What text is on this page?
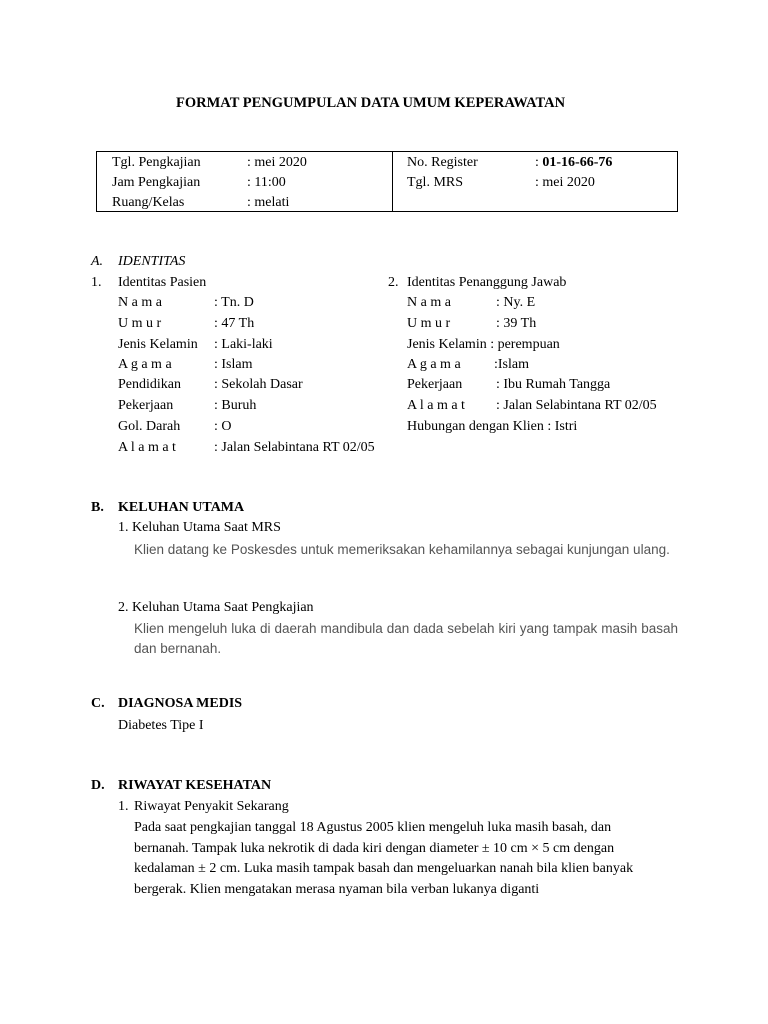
FORMAT PENGUMPULAN DATA UMUM KEPERAWATAN
Tgl. Pengkajian	: mei 2020
Jam Pengkajian	: 11:00
Ruang/Kelas	: melati
No. Register	: 01-16-66-76
Tgl. MRS	: mei 2020
A. IDENTITAS
1. Identitas Pasien
N a m a	: Tn. D
U m u r	: 47 Th
Jenis Kelamin : Laki-laki
A g a m a	: Islam
Pendidikan : Sekolah Dasar
Pekerjaan	: Buruh
Gol. Darah : O
A l a m a t	: Jalan Selabintana RT 02/05
2. Identitas Penanggung Jawab
N a m a	: Ny. E
U m u r	: 39 Th
Jenis Kelamin : perempuan
A g a m a :Islam
Pekerjaan : Ibu Rumah Tangga
A l a m a t : Jalan Selabintana RT 02/05
Hubungan dengan Klien : Istri
B. KELUHAN UTAMA
1. Keluhan Utama Saat MRS
Klien datang ke Poskesdes untuk memeriksakan kehamilannya sebagai kunjungan ulang.
2. Keluhan Utama Saat Pengkajian
Klien mengeluh luka di daerah mandibula dan dada sebelah kiri yang tampak masih basah dan bernanah.
C. DIAGNOSA MEDIS
Diabetes Tipe I
D. RIWAYAT KESEHATAN
1. Riwayat Penyakit Sekarang
Pada saat pengkajian tanggal 18 Agustus 2005 klien mengeluh luka masih basah, dan
bernanah. Tampak luka nekrotik di dada kiri dengan diameter ± 10 cm × 5 cm dengan
kedalaman ± 2 cm. Luka masih tampak basah dan mengeluarkan nanah bila klien banyak
bergerak. Klien mengatakan merasa nyaman bila verban lukanya diganti
